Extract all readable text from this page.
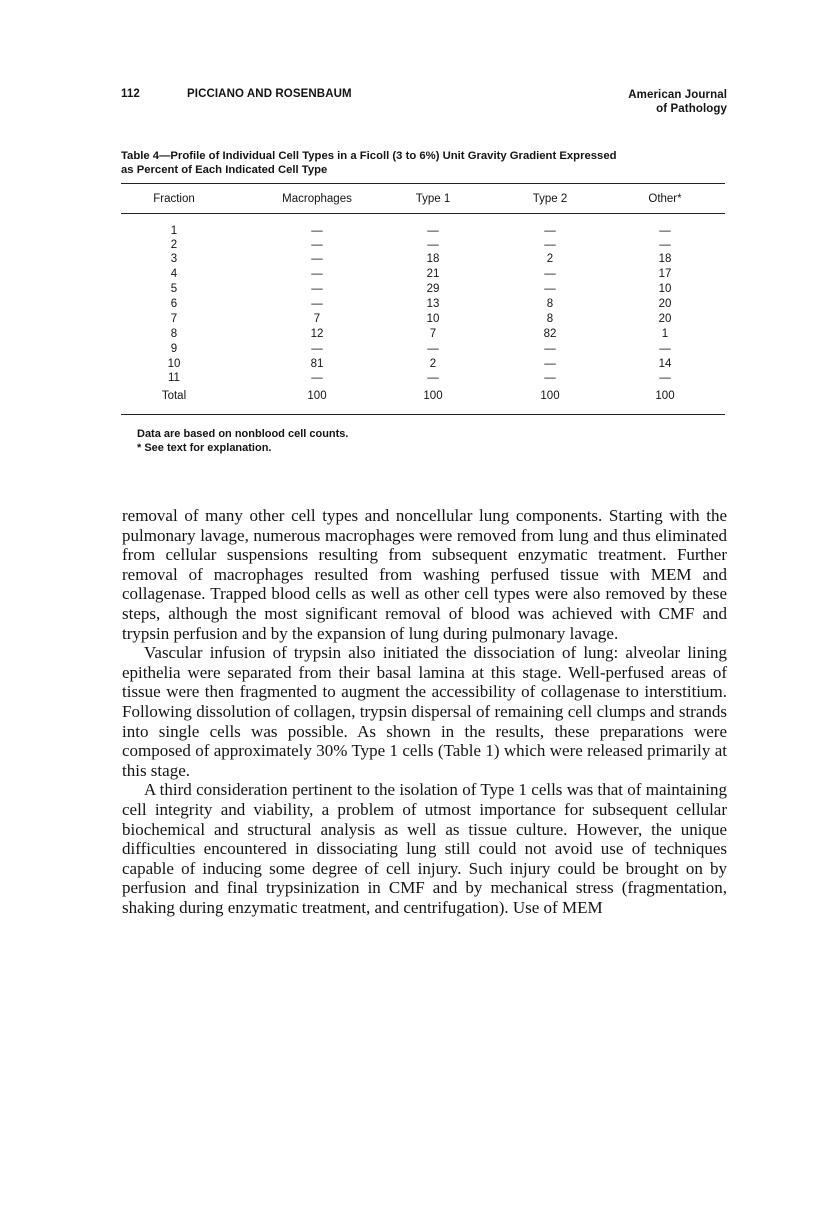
112	PICCIANO AND ROSENBAUM	American Journal
of Pathology
Table 4—Profile of Individual Cell Types in a Ficoll (3 to 6%) Unit Gravity Gradient Expressed
as Percent of Each Indicated Cell Type
Fraction	Macrophages	Type 1	Type 2	Other*
1	—	—	—	—
2	—	—	—	—
3	—	18	2	18
4	—	21	—	17
5	—	29	—	10
6	—	13	8	20
7	7	10	8	20
8	12	7	82	1
9	—	—	—	—
10	81	2	—	14
11	—	—	—	—
Total	100	100	100	100
Data are based on nonblood cell counts.
* See text for explanation.

removal of many other cell types and noncellular lung components. Starting with the pulmonary lavage, numerous macrophages were removed from lung and thus eliminated from cellular suspensions resulting from subsequent enzymatic treatment. Further removal of macrophages resulted from washing perfused tissue with MEM and collagenase. Trapped blood cells as well as other cell types were also removed by these steps, although the most significant removal of blood was achieved with CMF and trypsin perfusion and by the expansion of lung during pulmonary lavage.

Vascular infusion of trypsin also initiated the dissociation of lung: alveolar lining epithelia were separated from their basal lamina at this stage. Well-perfused areas of tissue were then fragmented to augment the accessibility of collagenase to interstitium. Following dissolution of collagen, trypsin dispersal of remaining cell clumps and strands into single cells was possible. As shown in the results, these preparations were composed of approximately 30% Type 1 cells (Table 1) which were released primarily at this stage.

A third consideration pertinent to the isolation of Type 1 cells was that of maintaining cell integrity and viability, a problem of utmost importance for subsequent cellular biochemical and structural analysis as well as tissue culture. However, the unique difficulties encountered in dissociating lung still could not avoid use of techniques capable of inducing some degree of cell injury. Such injury could be brought on by perfusion and final trypsinization in CMF and by mechanical stress (fragmentation, shaking during enzymatic treatment, and centrifugation). Use of MEM
